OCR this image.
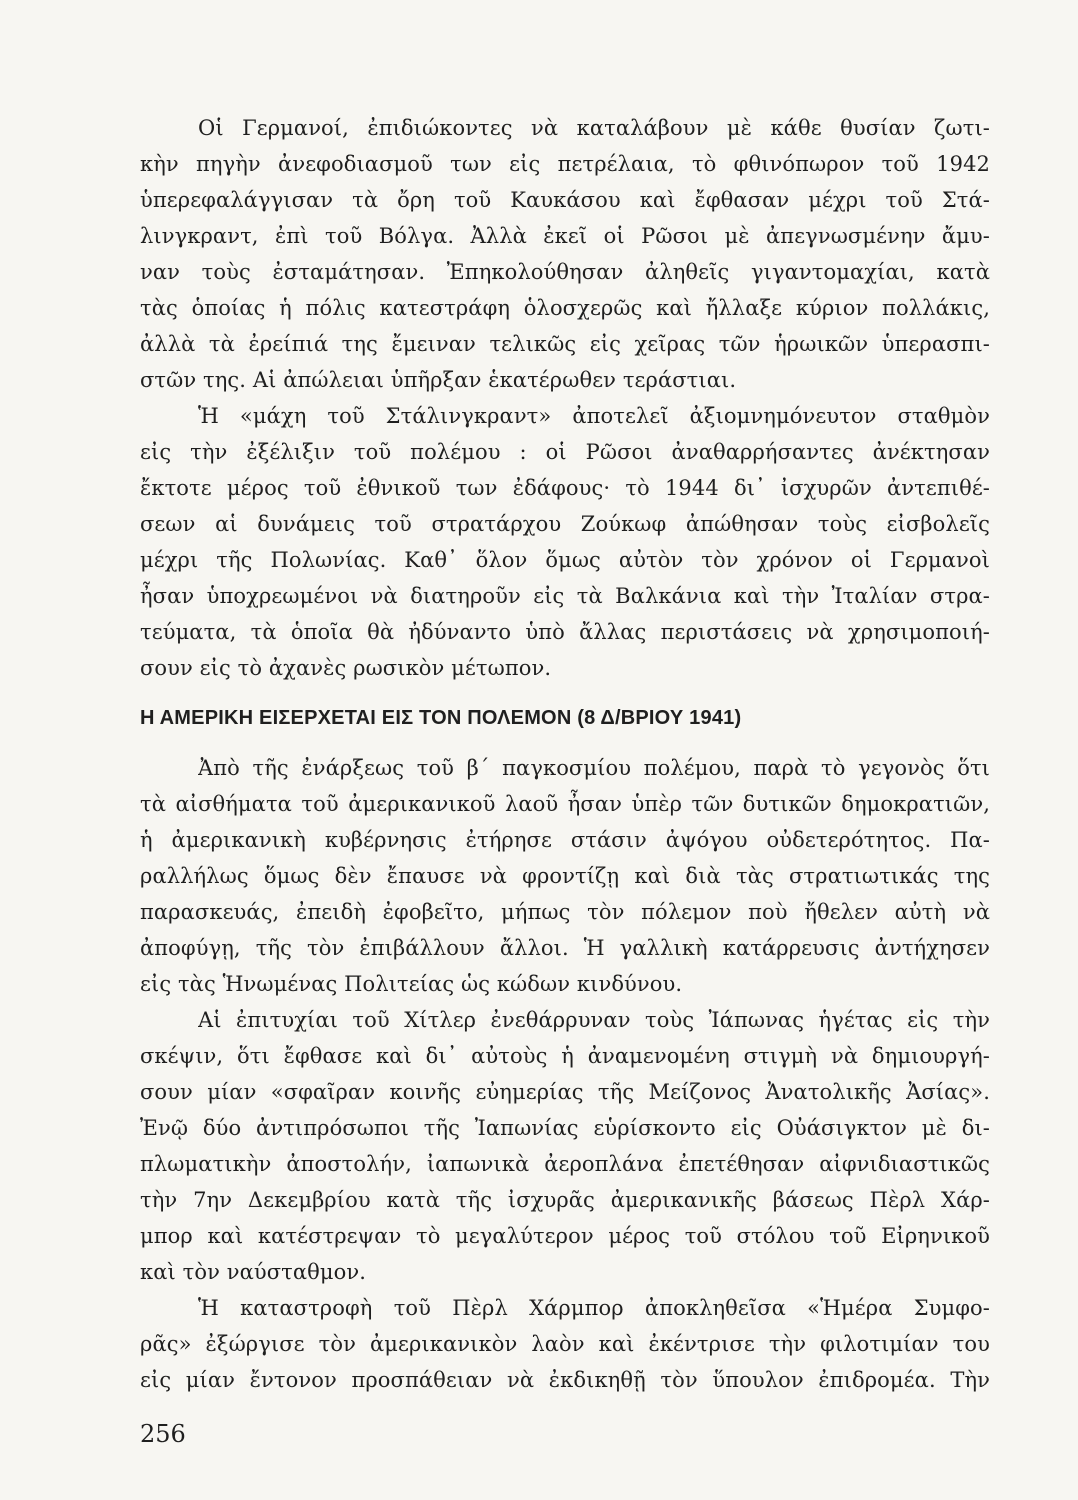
Οἱ Γερμανοί, ἐπιδιώκοντες νὰ καταλάβουν μὲ κάθε θυσίαν ζωτι-
κὴν πηγὴν ἀνεφοδιασμοῦ των εἰς πετρέλαια, τὸ φθινόπωρον τοῦ 1942
ὑπερεφαλάγγισαν τὰ ὄρη τοῦ Καυκάσου καὶ ἔφθασαν μέχρι τοῦ Στά-
λινγκραντ, ἐπὶ τοῦ Βόλγα. Ἀλλὰ ἐκεῖ οἱ Ρῶσοι μὲ ἀπεγνωσμένην ἄμυ-
ναν τοὺς ἐσταμάτησαν. Ἐπηκολούθησαν ἀληθεῖς γιγαντομαχίαι, κατὰ
τὰς ὁποίας ἡ πόλις κατεστράφη ὁλοσχερῶς καὶ ἤλλαξε κύριον πολλάκις,
ἀλλὰ τὰ ἐρείπιά της ἔμειναν τελικῶς εἰς χεῖρας τῶν ἡρωικῶν ὑπερασπι-
στῶν της. Αἱ ἀπώλειαι ὑπῆρξαν ἑκατέρωθεν τεράστιαι.
Ἡ «μάχη τοῦ Στάλινγκραντ» ἀποτελεῖ ἀξιομνημόνευτον σταθμὸν
εἰς τὴν ἐξέλιξιν τοῦ πολέμου : οἱ Ρῶσοι ἀναθαρρήσαντες ἀνέκτησαν
ἔκτοτε μέρος τοῦ ἐθνικοῦ των ἐδάφους· τὸ 1944 δι᾿ ἰσχυρῶν ἀντεπιθέ-
σεων αἱ δυνάμεις τοῦ στρατάρχου Ζούκωφ ἀπώθησαν τοὺς εἰσβολεῖς
μέχρι τῆς Πολωνίας. Καθ᾿ ὅλον ὅμως αὐτὸν τὸν χρόνον οἱ Γερμανοὶ
ἦσαν ὑποχρεωμένοι νὰ διατηροῦν εἰς τὰ Βαλκάνια καὶ τὴν Ἰταλίαν στρα-
τεύματα, τὰ ὁποῖα θὰ ἠδύναντο ὑπὸ ἄλλας περιστάσεις νὰ χρησιμοποιή-
σουν εἰς τὸ ἀχανὲς ρωσικὸν μέτωπον.
Η ΑΜΕΡΙΚΗ ΕΙΣΕΡΧΕΤΑΙ ΕΙΣ ΤΟΝ ΠΟΛΕΜΟΝ (8 Δ/ΒΡΙΟΥ 1941)
Ἀπὸ τῆς ἐνάρξεως τοῦ β΄ παγκοσμίου πολέμου, παρὰ τὸ γεγονὸς ὅτι
τὰ αἰσθήματα τοῦ ἀμερικανικοῦ λαοῦ ἦσαν ὑπὲρ τῶν δυτικῶν δημοκρατιῶν,
ἡ ἀμερικανικὴ κυβέρνησις ἐτήρησε στάσιν ἀψόγου οὐδετερότητος. Πα-
ραλλήλως ὅμως δὲν ἔπαυσε νὰ φροντίζῃ καὶ διὰ τὰς στρατιωτικάς της
παρασκευάς, ἐπειδὴ ἐφοβεῖτο, μήπως τὸν πόλεμον ποὺ ἤθελεν αὐτὴ νὰ
ἀποφύγῃ, τῆς τὸν ἐπιβάλλουν ἄλλοι. Ἡ γαλλικὴ κατάρρευσις ἀντήχησεν
εἰς τὰς Ἡνωμένας Πολιτείας ὡς κώδων κινδύνου.
Αἱ ἐπιτυχίαι τοῦ Χίτλερ ἐνεθάρρυναν τοὺς Ἰάπωνας ἡγέτας εἰς τὴν
σκέψιν, ὅτι ἔφθασε καὶ δι᾿ αὐτοὺς ἡ ἀναμενομένη στιγμὴ νὰ δημιουργή-
σουν μίαν «σφαῖραν κοινῆς εὐημερίας τῆς Μείζονος Ἀνατολικῆς Ἀσίας».
Ἐνῷ δύο ἀντιπρόσωποι τῆς Ἰαπωνίας εὑρίσκοντο εἰς Οὐάσιγκτον μὲ δι-
πλωματικὴν ἀποστολήν, ἰαπωνικὰ ἀεροπλάνα ἐπετέθησαν αἰφνιδιαστικῶς
τὴν 7ην Δεκεμβρίου κατὰ τῆς ἰσχυρᾶς ἀμερικανικῆς βάσεως Πὲρλ Χάρ-
μπορ καὶ κατέστρεψαν τὸ μεγαλύτερον μέρος τοῦ στόλου τοῦ Εἰρηνικοῦ
καὶ τὸν ναύσταθμον.
Ἡ καταστροφὴ τοῦ Πὲρλ Χάρμπορ ἀποκληθεῖσα «Ἡμέρα Συμφο-
ρᾶς» ἐξώργισε τὸν ἀμερικανικὸν λαὸν καὶ ἐκέντρισε τὴν φιλοτιμίαν του
εἰς μίαν ἔντονον προσπάθειαν νὰ ἐκδικηθῇ τὸν ὕπουλον ἐπιδρομέα. Τὴν
256
